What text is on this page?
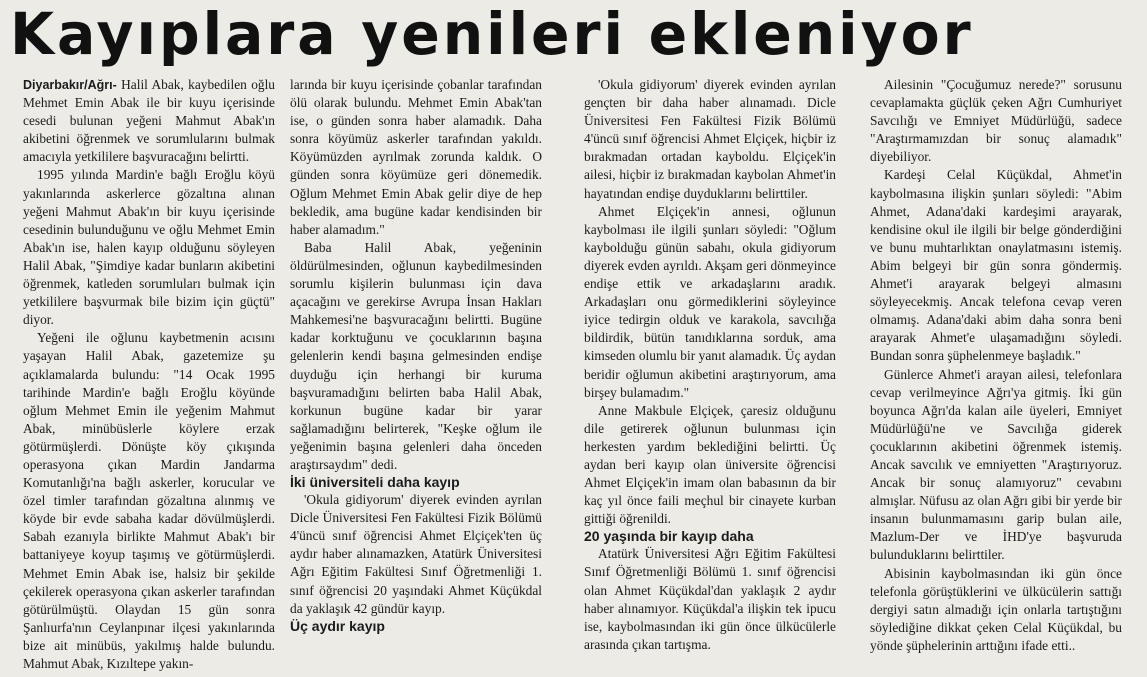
Kayıplara yenileri ekleniyor

Diyarbakır/Ağrı- Halil Abak, kaybedilen oğlu Mehmet Emin Abak ile bir kuyu içerisinde cesedi bulunan yeğeni Mahmut Abak'ın akibetini öğrenmek ve sorumlularını bulmak amacıyla yetkililere başvuracağını belirtti.

1995 yılında Mardin'e bağlı Eroğlu köyü yakınlarında askerlerce gözaltına alınan yeğeni Mahmut Abak'ın bir kuyu içerisinde cesedinin bulunduğunu ve oğlu Mehmet Emin Abak'ın ise, halen kayıp olduğunu söyleyen Halil Abak, "Şimdiye kadar bunların akibetini öğrenmek, katleden sorumluları bulmak için yetkililere başvurmak bile bizim için güçtü" diyor.

Yeğeni ile oğlunu kaybetmenin acısını yaşayan Halil Abak, gazetemize şu açıklamalarda bulundu: "14 Ocak 1995 tarihinde Mardin'e bağlı Eroğlu köyünde oğlum Mehmet Emin ile yeğenim Mahmut Abak, minübüslerle köylere erzak götürmüşlerdi. Dönüşte köy çıkışında operasyona çıkan Mardin Jandarma Komutanlığı'na bağlı askerler, korucular ve özel timler tarafından gözaltına alınmış ve köyde bir evde sabaha kadar dövülmüşlerdi. Sabah ezanıyla birlikte Mahmut Abak'ı bir battaniyeye koyup taşımış ve götürmüşlerdi. Mehmet Emin Abak ise, halsiz bir şekilde çekilerek operasyona çıkan askerler tarafından götürülmüştü. Olaydan 15 gün sonra Şanlıurfa'nın Ceylanpınar ilçesi yakınlarında bize ait minübüs, yakılmış halde bulundu. Mahmut Abak, Kızıltepe yakın-

larında bir kuyu içerisinde çobanlar tarafından ölü olarak bulundu. Mehmet Emin Abak'tan ise, o günden sonra haber alamadık. Daha sonra köyümüz askerler tarafından yakıldı. Köyümüzden ayrılmak zorunda kaldık. O günden sonra köyümüze geri dönemedik. Oğlum Mehmet Emin Abak gelir diye de hep bekledik, ama bugüne kadar kendisinden bir haber alamadım."

Baba Halil Abak, yeğeninin öldürülmesinden, oğlunun kaybedilmesinden sorumlu kişilerin bulunması için dava açacağını ve gerekirse Avrupa İnsan Hakları Mahkemesi'ne başvuracağını belirtti. Bugüne kadar korktuğunu ve çocuklarının başına gelenlerin kendi başına gelmesinden endişe duyduğu için herhangi bir kuruma başvuramadığını belirten baba Halil Abak, korkunun bugüne kadar bir yarar sağlamadığını belirterek, "Keşke oğlum ile yeğenimin başına gelenleri daha önceden araştırsaydım" dedi.

İki üniversiteli daha kayıp

'Okula gidiyorum' diyerek evinden ayrılan Dicle Üniversitesi Fen Fakültesi Fizik Bölümü 4'üncü sınıf öğrencisi Ahmet Elçiçek'ten üç aydır haber alınamazken, Atatürk Üniversitesi Ağrı Eğitim Fakültesi Sınıf Öğretmenliği 1. sınıf öğrencisi 20 yaşındaki Ahmet Küçükdal da yaklaşık 42 gündür kayıp.

Üç aydır kayıp

'Okula gidiyorum' diyerek evinden ayrılan gençten bir daha haber alınamadı. Dicle Üniversitesi Fen Fakültesi Fizik Bölümü 4'üncü sınıf öğrencisi Ahmet Elçiçek, hiçbir iz bırakmadan ortadan kayboldu. Elçiçek'in ailesi, hiçbir iz bırakmadan kaybolan Ahmet'in hayatından endişe duyduklarını belirttiler.

Ahmet Elçiçek'in annesi, oğlunun kaybolması ile ilgili şunları söyledi: "Oğlum kaybolduğu günün sabahı, okula gidiyorum diyerek evden ayrıldı. Akşam geri dönmeyince endişe ettik ve arkadaşlarını aradık. Arkadaşları onu görmediklerini söyleyince iyice tedirgin olduk ve karakola, savcılığa bildirdik, bütün tanıdıklarına sorduk, ama kimseden olumlu bir yanıt alamadık. Üç aydan beridir oğlumun akibetini araştırıyorum, ama birşey bulamadım."

Anne Makbule Elçiçek, çaresiz olduğunu dile getirerek oğlunun bulunması için herkesten yardım beklediğini belirtti. Üç aydan beri kayıp olan üniversite öğrencisi Ahmet Elçiçek'in imam olan babasının da bir kaç yıl önce faili meçhul bir cinayete kurban gittiği öğrenildi.

20 yaşında bir kayıp daha

Atatürk Üniversitesi Ağrı Eğitim Fakültesi Sınıf Öğretmenliği Bölümü 1. sınıf öğrencisi olan Ahmet Küçükdal'dan yaklaşık 2 aydır haber alınamıyor. Küçükdal'a ilişkin tek ipucu ise, kaybolmasından iki gün önce ülkücülerle arasında çıkan tartışma.

Ailesinin "Çocuğumuz nerede?" sorusunu cevaplamakta güçlük çeken Ağrı Cumhuriyet Savcılığı ve Emniyet Müdürlüğü, sadece "Araştırmamızdan bir sonuç alamadık" diyebiliyor.

Kardeşi Celal Küçükdal, Ahmet'in kaybolmasına ilişkin şunları söyledi: "Abim Ahmet, Adana'daki kardeşimi arayarak, kendisine okul ile ilgili bir belge gönderdiğini ve bunu muhtarlıktan onaylatmasını istemiş. Abim belgeyi bir gün sonra göndermiş. Ahmet'i arayarak belgeyi almasını söyleyecekmiş. Ancak telefona cevap veren olmamış. Adana'daki abim daha sonra beni arayarak Ahmet'e ulaşamadığını söyledi. Bundan sonra şüphelenmeye başladık."

Günlerce Ahmet'i arayan ailesi, telefonlara cevap verilmeyince Ağrı'ya gitmiş. İki gün boyunca Ağrı'da kalan aile üyeleri, Emniyet Müdürlüğü'ne ve Savcılığa giderek çocuklarının akibetini öğrenmek istemiş. Ancak savcılık ve emniyetten "Araştırıyoruz. Ancak bir sonuç alamıyoruz" cevabını almışlar. Nüfusu az olan Ağrı gibi bir yerde bir insanın bulunmamasını garip bulan aile, Mazlum-Der ve İHD'ye başvuruda bulunduklarını belirttiler.

Abisinin kaybolmasından iki gün önce telefonla görüştüklerini ve ülkücülerin sattığı dergiyi satın almadığı için onlarla tartıştığını söylediğine dikkat çeken Celal Küçükdal, bu yönde şüphelerinin arttığını ifade etti..
